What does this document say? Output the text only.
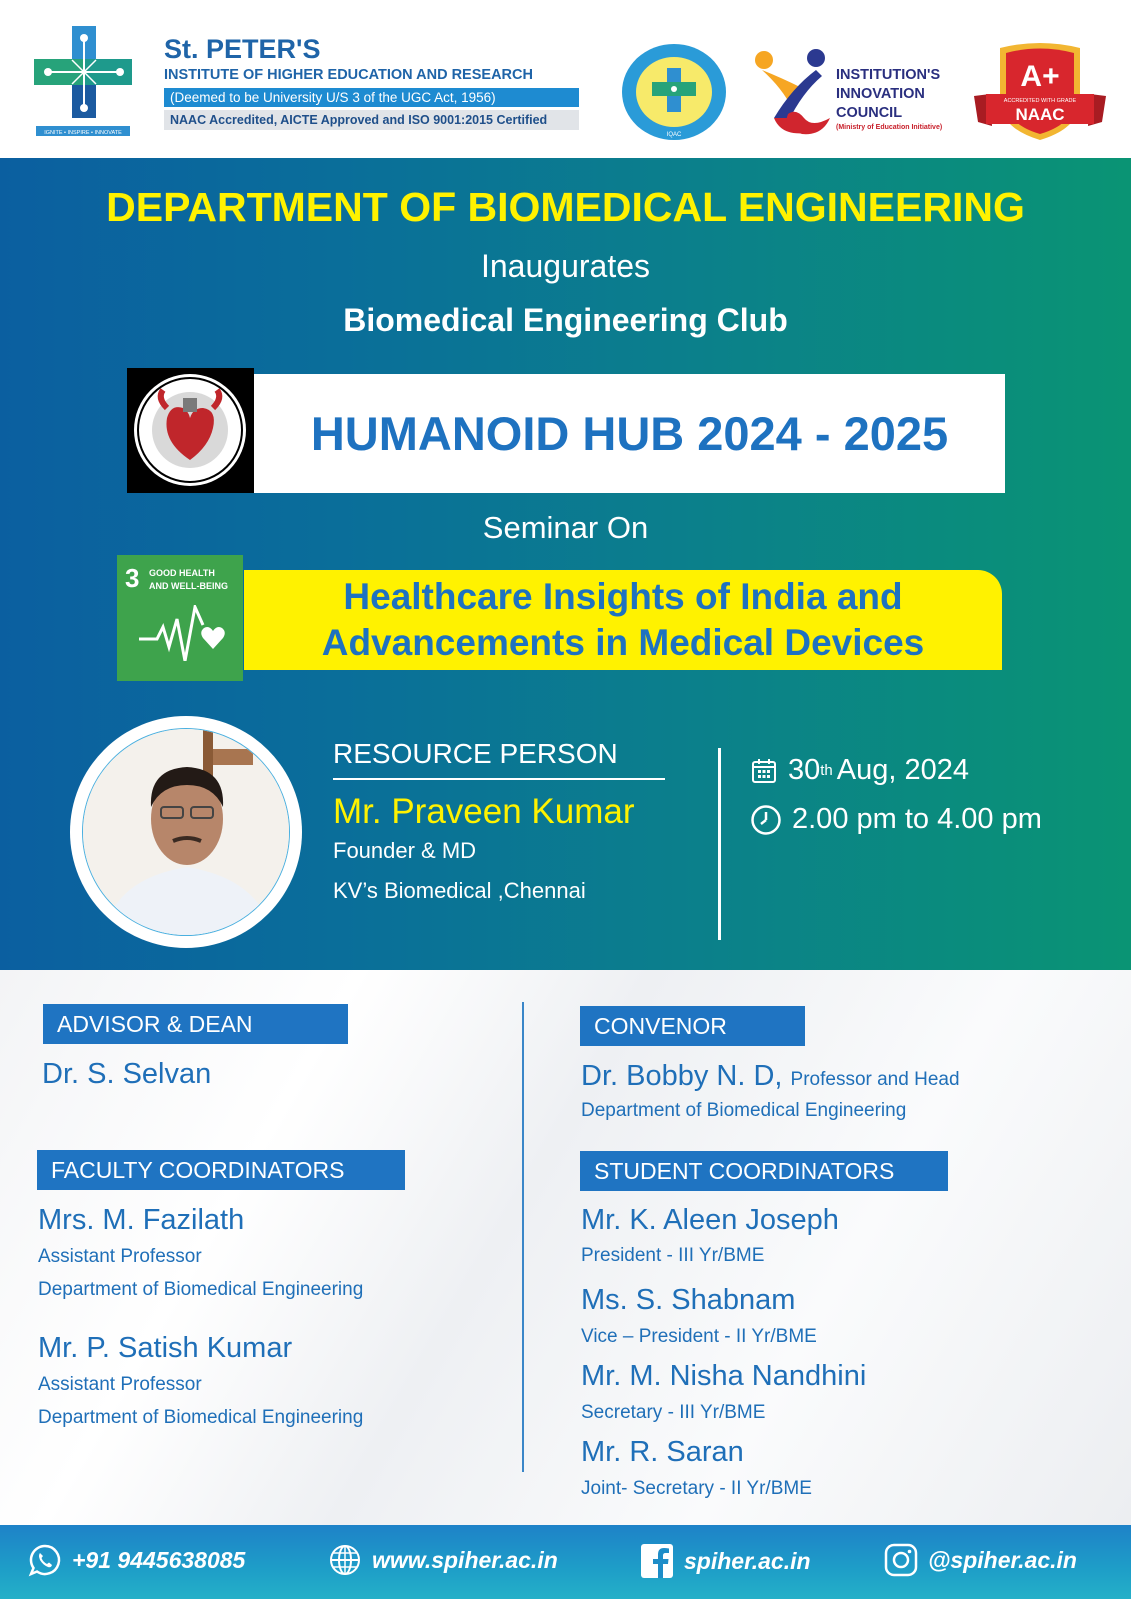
IGNITE • INSPIRE • INNOVATE
St. PETER'S
INSTITUTE OF HIGHER EDUCATION AND RESEARCH
(Deemed to be University U/S 3 of the UGC Act, 1956)
NAAC Accredited, AICTE Approved and ISO 9001:2015 Certified
IQAC
INSTITUTION'S
INNOVATION
COUNCIL
(Ministry of Education Initiative)
A+
ACCREDITED WITH GRADE
NAAC
DEPARTMENT OF BIOMEDICAL ENGINEERING
Inaugurates
Biomedical Engineering Club
HUMANOID HUB 2024 - 2025
Seminar On
3 GOOD HEALTH
AND WELL-BEING	Healthcare Insights of India and
Advancements in Medical Devices
RESOURCE PERSON
Mr. Praveen Kumar
Founder & MD
KV’s Biomedical ,Chennai
30 th Aug, 2024
2.00 pm to 4.00 pm
ADVISOR & DEAN
Dr. S. Selvan
CONVENOR
Dr. Bobby N. D, Professor and Head
Department of Biomedical Engineering
FACULTY COORDINATORS
Mrs. M. Fazilath
Assistant Professor
Department of Biomedical Engineering
Mr. P. Satish Kumar
Assistant Professor
Department of Biomedical Engineering
STUDENT COORDINATORS
Mr. K. Aleen Joseph
President - III Yr/BME
Ms. S. Shabnam
Vice – President - II Yr/BME
Mr. M. Nisha Nandhini
Secretary - III Yr/BME
Mr. R. Saran
Joint- Secretary - II Yr/BME
+91 9445638085	www.spiher.ac.in	spiher.ac.in	@spiher.ac.in
